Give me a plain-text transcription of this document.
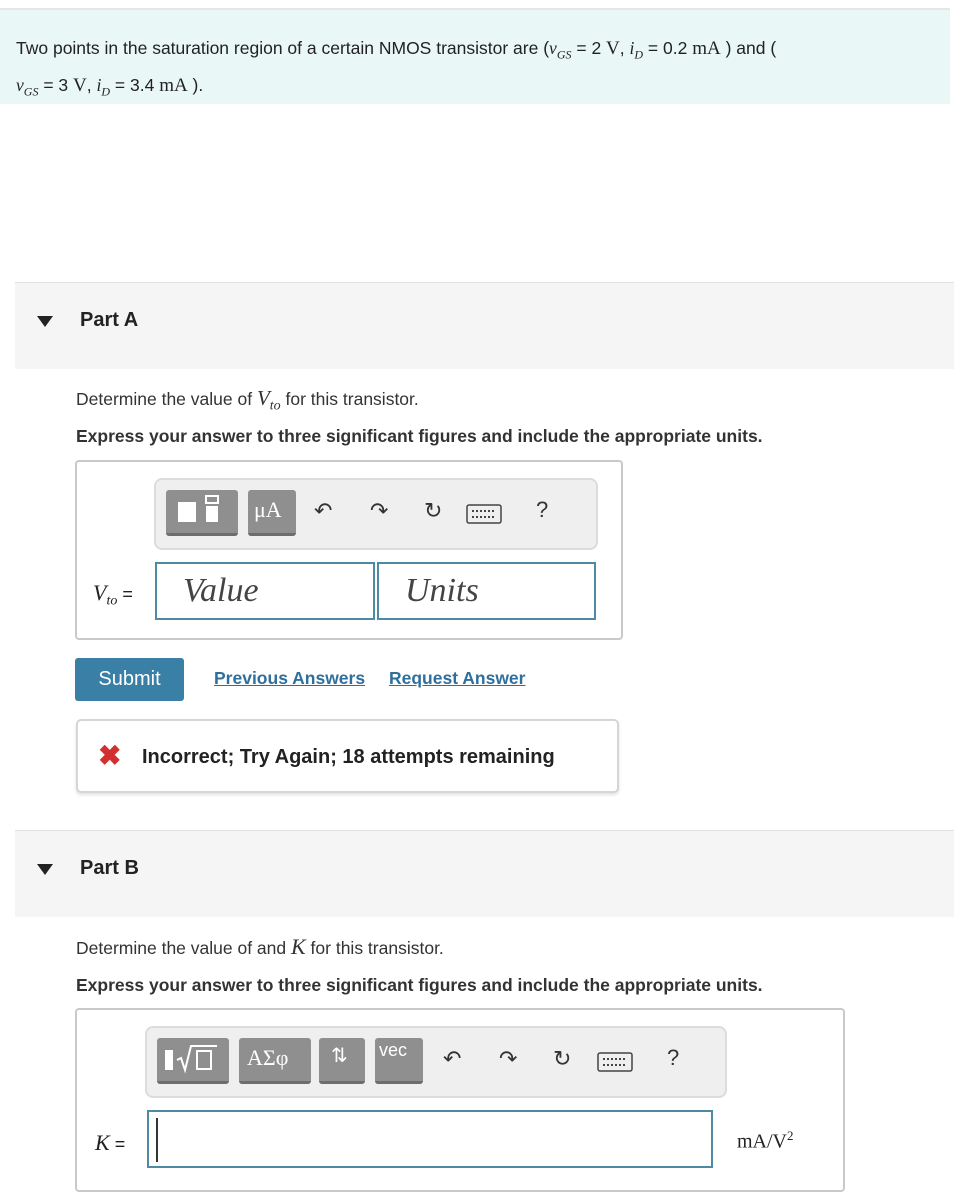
Two points in the saturation region of a certain NMOS transistor are ($v_{GS} = 2$ V, $i_D = 0.2$ mA ) and (
$v_{GS} = 3$ V, $i_D = 3.4$ mA ).
Part A
Determine the value of $V_{to}$ for this transistor.
Express your answer to three significant figures and include the appropriate units.
μA ↶ ↷ ↻	?
$V_{to}$ = Value	Units
Submit	Previous Answers Request Answer
✖ Incorrect; Try Again; 18 attempts remaining
Part B
Determine the value of and K for this transistor.
Express your answer to three significant figures and include the appropriate units.
ΑΣφ ⇅ vec ↶ ↷ ↻	?
K =	$mA/V^2$
